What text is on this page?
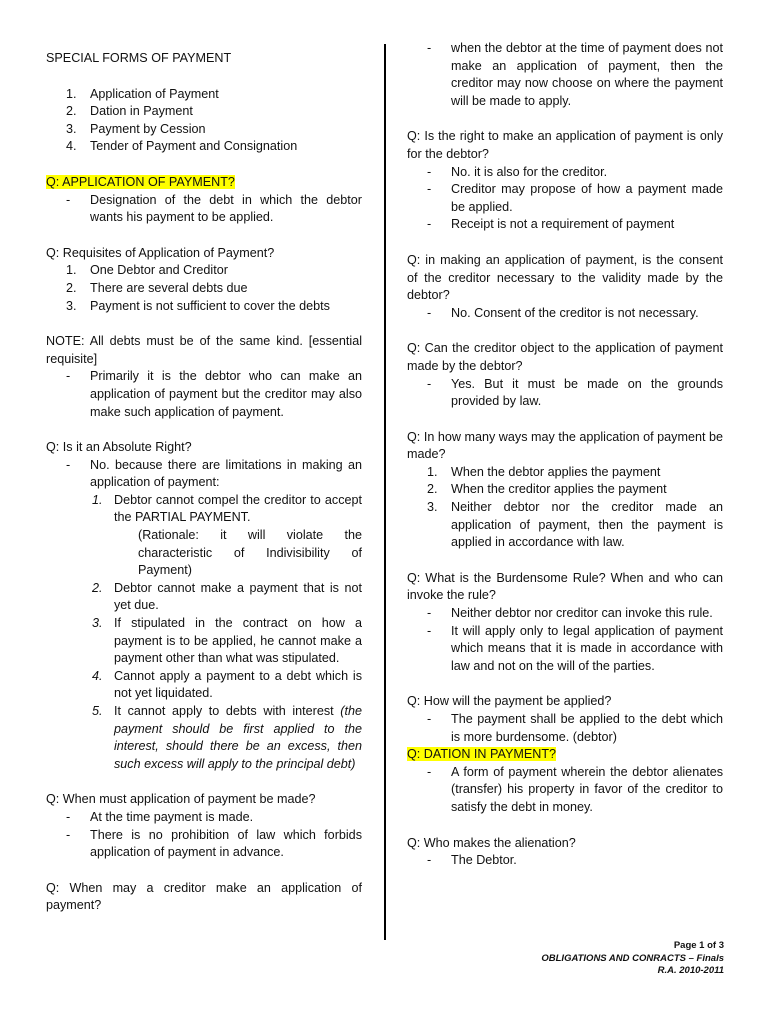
SPECIAL FORMS OF PAYMENT

1.	Application of Payment
2.	Dation in Payment
3.	Payment by Cession
4.	Tender of Payment and Consignation

Q: APPLICATION OF PAYMENT?

-	Designation of the debt in which the debtor wants his payment to be applied.

Q: Requisites of Application of Payment?

1.	One Debtor and Creditor
2.	There are several debts due
3.	Payment is not sufficient to cover the debts

NOTE: All debts must be of the same kind. [essential requisite]

-	Primarily it is the debtor who can make an application of payment but the creditor may also make such application of payment.

Q: Is it an Absolute Right?

-	No. because there are limitations in making an application of payment:
1. Debtor cannot compel the creditor to accept the PARTIAL PAYMENT.

(Rationale: it will violate the characteristic of Indivisibility of Payment)

2. Debtor cannot make a payment that is not yet due.
3. If stipulated in the contract on how a payment is to be applied, he cannot make a payment other than what was stipulated.
4. Cannot apply a payment to a debt which is not yet liquidated.
5. It cannot apply to debts with interest (the payment should be first applied to the interest, should there be an excess, then such excess will apply to the principal debt)

Q: When must application of payment be made?

-	At the time payment is made.
-	There is no prohibition of law which forbids application of payment in advance.

Q: When may a creditor make an application of payment?

-	when the debtor at the time of payment does not make an application of payment, then the creditor may now choose on where the payment will be made to apply.

Q: Is the right to make an application of payment is only for the debtor?

-	No. it is also for the creditor.
-	Creditor may propose of how a payment made be applied.
-	Receipt is not a requirement of payment

Q: in making an application of payment, is the consent of the creditor necessary to the validity made by the debtor?

-	No. Consent of the creditor is not necessary.

Q: Can the creditor object to the application of payment made by the debtor?

-	Yes. But it must be made on the grounds provided by law.

Q: In how many ways may the application of payment be made?

1.	When the debtor applies the payment
2.	When the creditor applies the payment
3.	Neither debtor nor the creditor made an application of payment, then the payment is applied in accordance with law.

Q: What is the Burdensome Rule? When and who can invoke the rule?

-	Neither debtor nor creditor can invoke this rule.
-	It will apply only to legal application of payment which means that it is made in accordance with law and not on the will of the parties.

Q: How will the payment be applied?

-	The payment shall be applied to the debt which is more burdensome. (debtor)

Q: DATION IN PAYMENT?

-	A form of payment wherein the debtor alienates (transfer) his property in favor of the creditor to satisfy the debt in money.

Q: Who makes the alienation?

-	The Debtor.
Page 1 of 3
OBLIGATIONS AND CONRACTS – Finals
R.A. 2010-2011
